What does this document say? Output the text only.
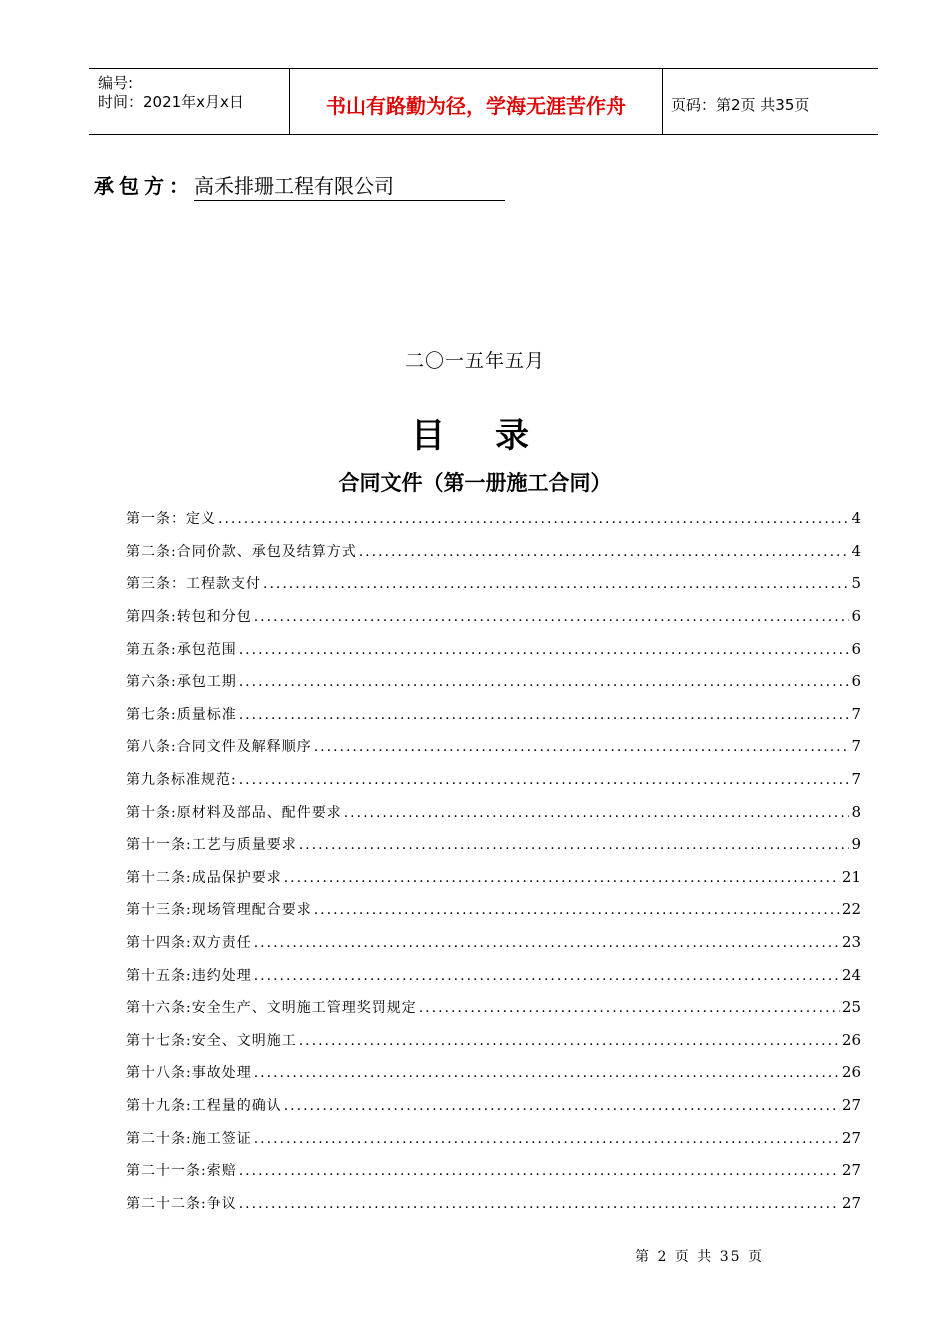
编号:
时间：2021年x月x日	书山有路勤为径，学海无涯苦作舟	页码：第2页 共35页
承包方：高禾排珊工程有限公司
二〇一五年五月
目录
合同文件（第一册施工合同）
第一条：定义 .....	4
第二条:合同价款、承包及结算方式 .....	4
第三条：工程款支付 .....	5
第四条:转包和分包 .....	6
第五条:承包范围 .....	6
第六条:承包工期 .....	6
第七条:质量标准 .....	7
第八条:合同文件及解释顺序 .....	7
第九条标准规范: .....	7
第十条:原材料及部品、配件要求 .....	8
第十一条:工艺与质量要求 .....	9
第十二条:成品保护要求 .....	21
第十三条:现场管理配合要求 .....	22
第十四条:双方责任 .....	23
第十五条:违约处理 .....	24
第十六条:安全生产、文明施工管理奖罚规定 .....	25
第十七条:安全、文明施工 .....	26
第十八条:事故处理 .....	26
第十九条:工程量的确认 .....	27
第二十条:施工签证 .....	27
第二十一条:索赔 .....	27
第二十二条:争议 .....	27
第 2 页 共 35 页
